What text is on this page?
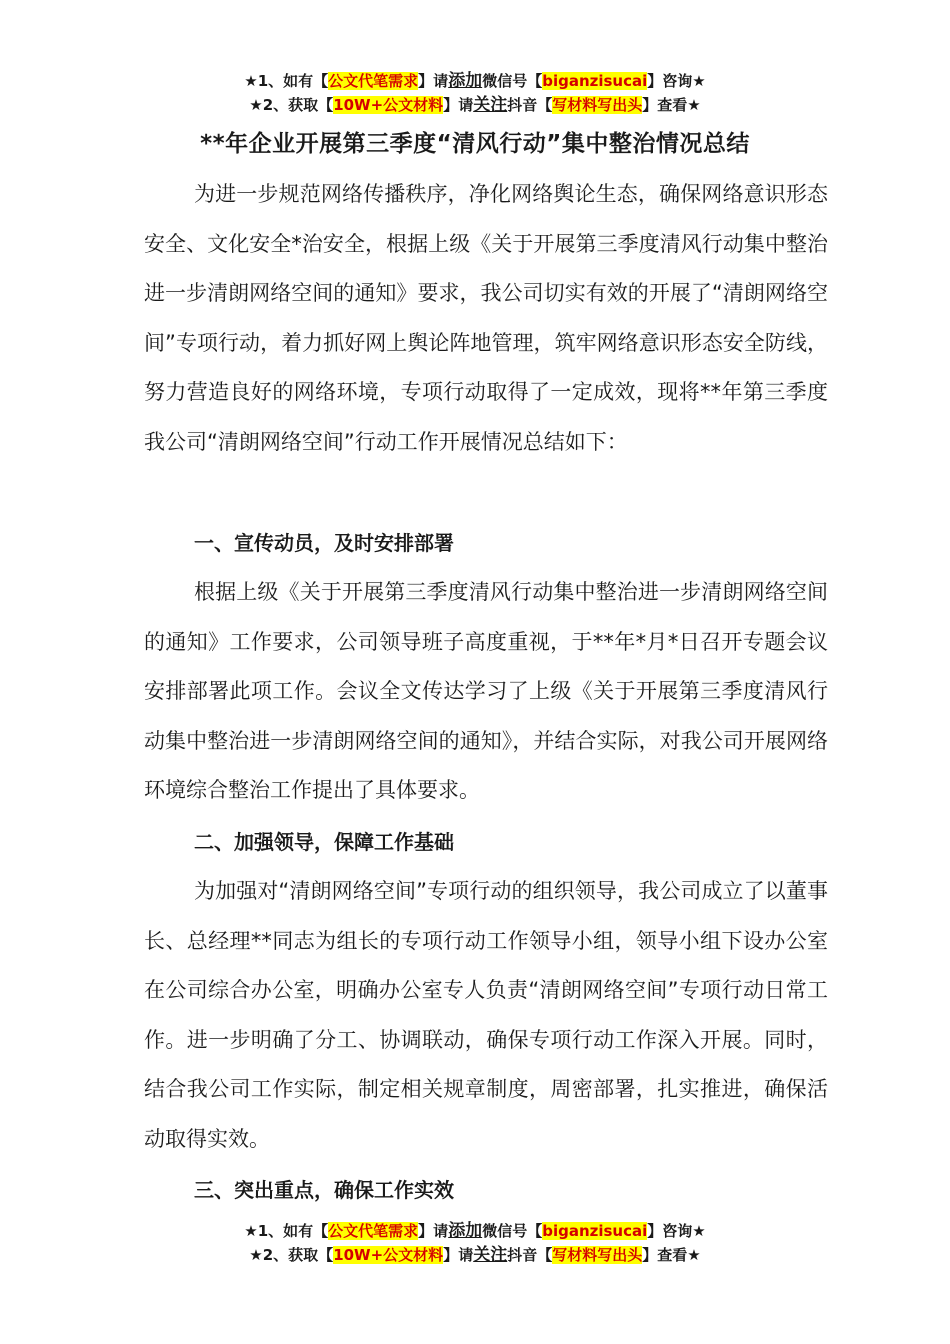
★1、如有【公文代笔需求】请添加微信号【biganzisucai】咨询★
★2、获取【10W+公文材料】请关注抖音【写材料写出头】查看★
**年企业开展第三季度“清风行动”集中整治情况总结

为进一步规范网络传播秩序，净化网络舆论生态，确保网络意识形态安全、文化安全*治安全，根据上级《关于开展第三季度清风行动集中整治进一步清朗网络空间的通知》要求，我公司切实有效的开展了“清朗网络空间”专项行动，着力抓好网上舆论阵地管理，筑牢网络意识形态安全防线，努力营造良好的网络环境，专项行动取得了一定成效，现将**年第三季度我公司“清朗网络空间”行动工作开展情况总结如下：

一、宣传动员，及时安排部署

根据上级《关于开展第三季度清风行动集中整治进一步清朗网络空间的通知》工作要求，公司领导班子高度重视，于**年*月*日召开专题会议安排部署此项工作。会议全文传达学习了上级《关于开展第三季度清风行动集中整治进一步清朗网络空间的通知》，并结合实际，对我公司开展网络环境综合整治工作提出了具体要求。

二、加强领导，保障工作基础

为加强对“清朗网络空间”专项行动的组织领导，我公司成立了以董事长、总经理**同志为组长的专项行动工作领导小组，领导小组下设办公室在公司综合办公室，明确办公室专人负责“清朗网络空间”专项行动日常工作。进一步明确了分工、协调联动，确保专项行动工作深入开展。同时，结合我公司工作实际，制定相关规章制度，周密部署，扎实推进，确保活动取得实效。

三、突出重点，确保工作实效

★1、如有【公文代笔需求】请添加微信号【biganzisucai】咨询★
★2、获取【10W+公文材料】请关注抖音【写材料写出头】查看★
